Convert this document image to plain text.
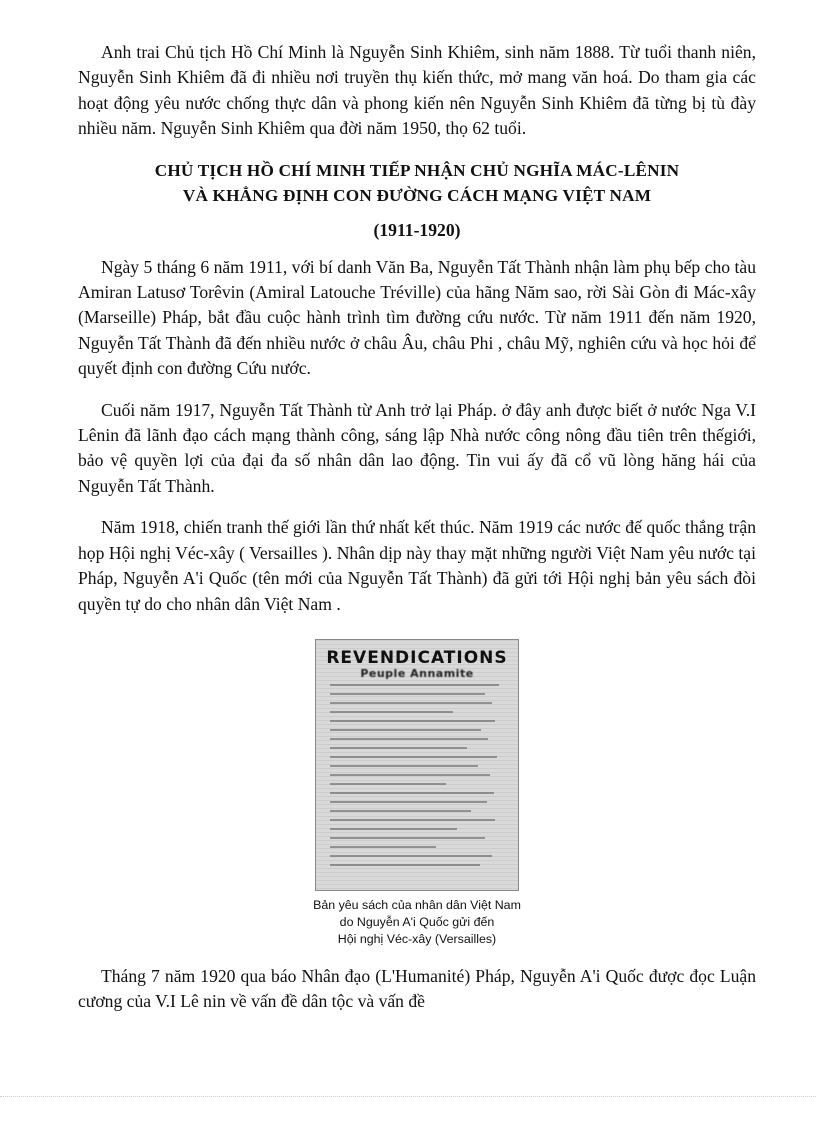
Anh trai Chủ tịch Hồ Chí Minh là Nguyễn Sinh Khiêm, sinh năm 1888. Từ tuổi thanh niên, Nguyễn Sinh Khiêm đã đi nhiều nơi truyền thụ kiến thức, mở mang văn hoá. Do tham gia các hoạt động yêu nước chống thực dân và phong kiến nên Nguyễn Sinh Khiêm đã từng bị tù đày nhiều năm. Nguyễn Sinh Khiêm qua đời năm 1950, thọ 62 tuổi.

CHỦ TỊCH HỒ CHÍ MINH TIẾP NHẬN CHỦ NGHĨA MÁC-LÊNIN
VÀ KHẲNG ĐỊNH CON ĐƯỜNG CÁCH MẠNG VIỆT NAM
(1911-1920)

Ngày 5 tháng 6 năm 1911, với bí danh Văn Ba, Nguyễn Tất Thành nhận làm phụ bếp cho tàu Amiran Latusơ Torêvin (Amiral Latouche Tréville) của hãng Năm sao, rời Sài Gòn đi Mác-xây (Marseille) Pháp, bắt đầu cuộc hành trình tìm đường cứu nước. Từ năm 1911 đến năm 1920, Nguyễn Tất Thành đã đến nhiều nước ở châu Âu, châu Phi , châu Mỹ, nghiên cứu và học hỏi để quyết định con đường Cứu nước.

Cuối năm 1917, Nguyễn Tất Thành từ Anh trở lại Pháp. ở đây anh được biết ở nước Nga V.I Lênin đã lãnh đạo cách mạng thành công, sáng lập Nhà nước công nông đầu tiên trên thếgiới, bảo vệ quyền lợi của đại đa số nhân dân lao động. Tin vui ấy đã cổ vũ lòng hăng hái của Nguyễn Tất Thành.

Năm 1918, chiến tranh thế giới lần thứ nhất kết thúc. Năm 1919 các nước đế quốc thắng trận họp Hội nghị Véc-xây ( Versailles ). Nhân dịp này thay mặt những người Việt Nam yêu nước tại Pháp, Nguyễn A'i Quốc (tên mới của Nguyễn Tất Thành) đã gửi tới Hội nghị bản yêu sách đòi quyền tự do cho nhân dân Việt Nam .

REVENDICATIONS
Peuple Annamite
Bản yêu sách của nhân dân Việt Nam
do Nguyễn A'i Quốc gửi đến
Hội nghị Véc-xây (Versailles)

Tháng 7 năm 1920 qua báo Nhân đạo (L'Humanité) Pháp, Nguyễn A'i Quốc được đọc Luận cương của V.I Lê nin về vấn đề dân tộc và vấn đề
